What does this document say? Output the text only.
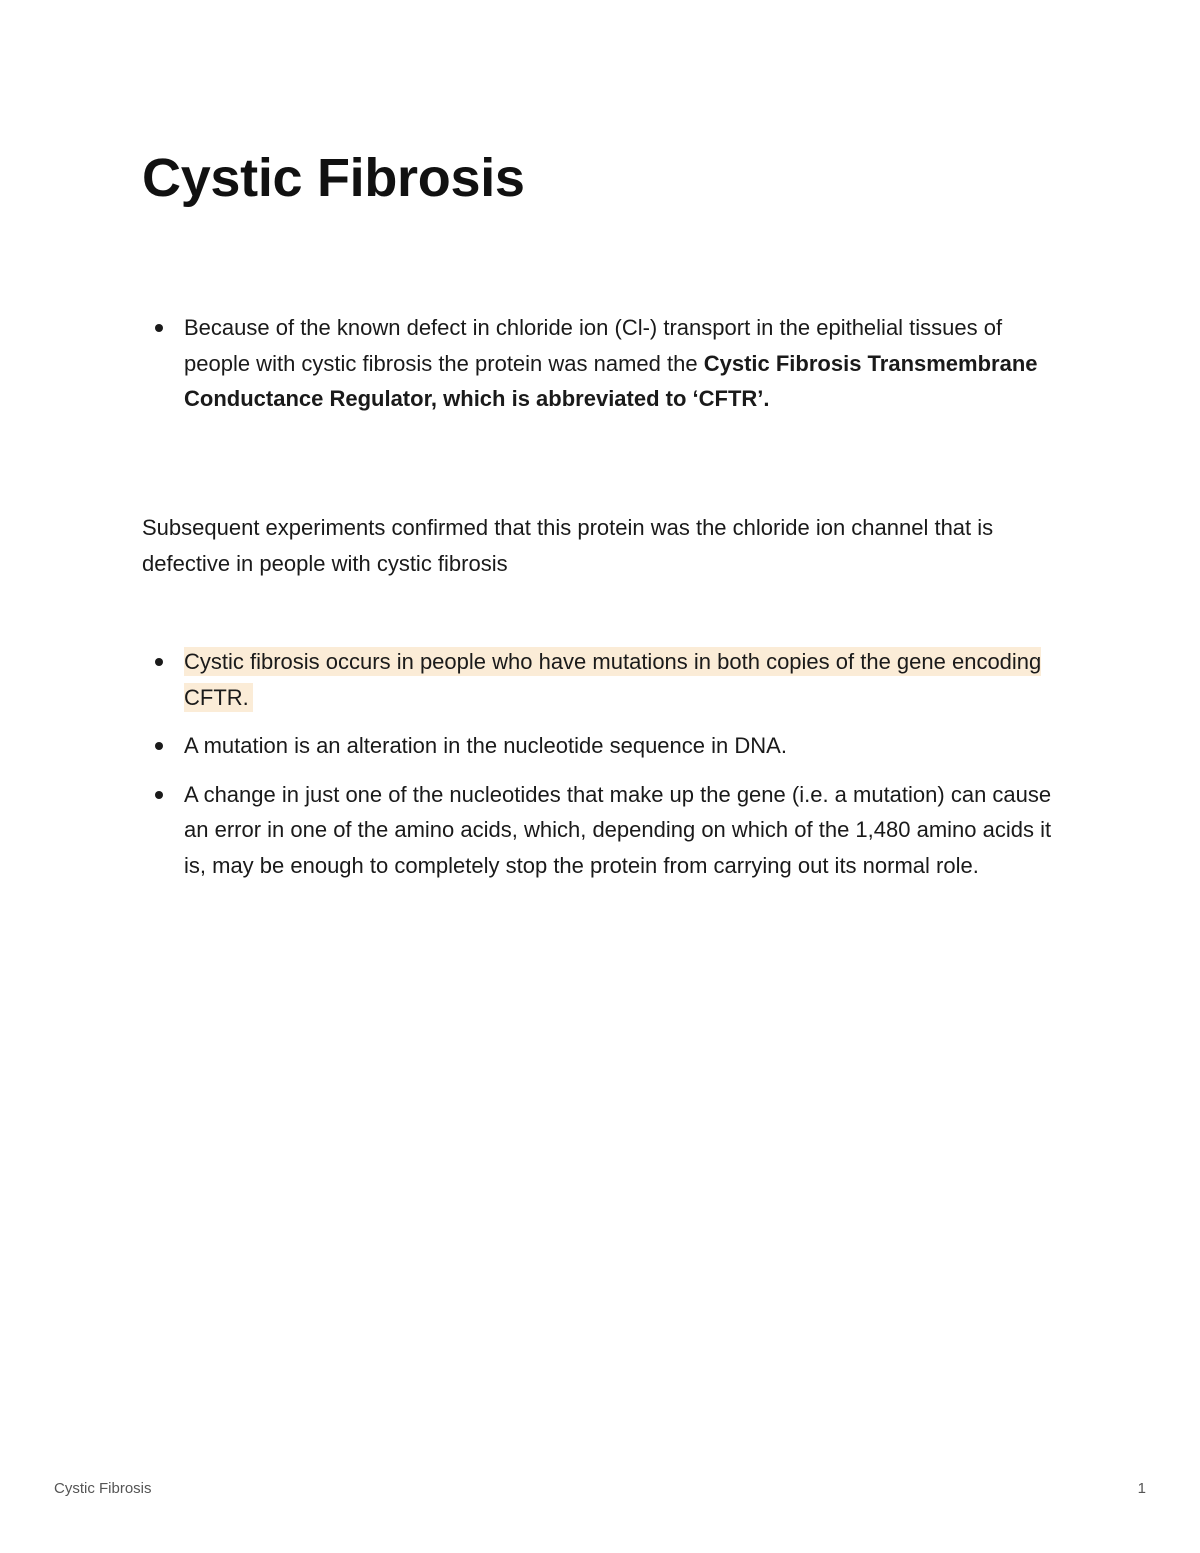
Cystic Fibrosis
Because of the known defect in chloride ion (Cl-) transport in the epithelial tissues of people with cystic fibrosis the protein was named the Cystic Fibrosis Transmembrane Conductance Regulator, which is abbreviated to ‘CFTR’.
Subsequent experiments confirmed that this protein was the chloride ion channel that is defective in people with cystic fibrosis
Cystic fibrosis occurs in people who have mutations in both copies of the gene encoding CFTR.
A mutation is an alteration in the nucleotide sequence in DNA.
A change in just one of the nucleotides that make up the gene (i.e. a mutation) can cause an error in one of the amino acids, which, depending on which of the 1,480 amino acids it is, may be enough to completely stop the protein from carrying out its normal role.
Cystic Fibrosis	1
